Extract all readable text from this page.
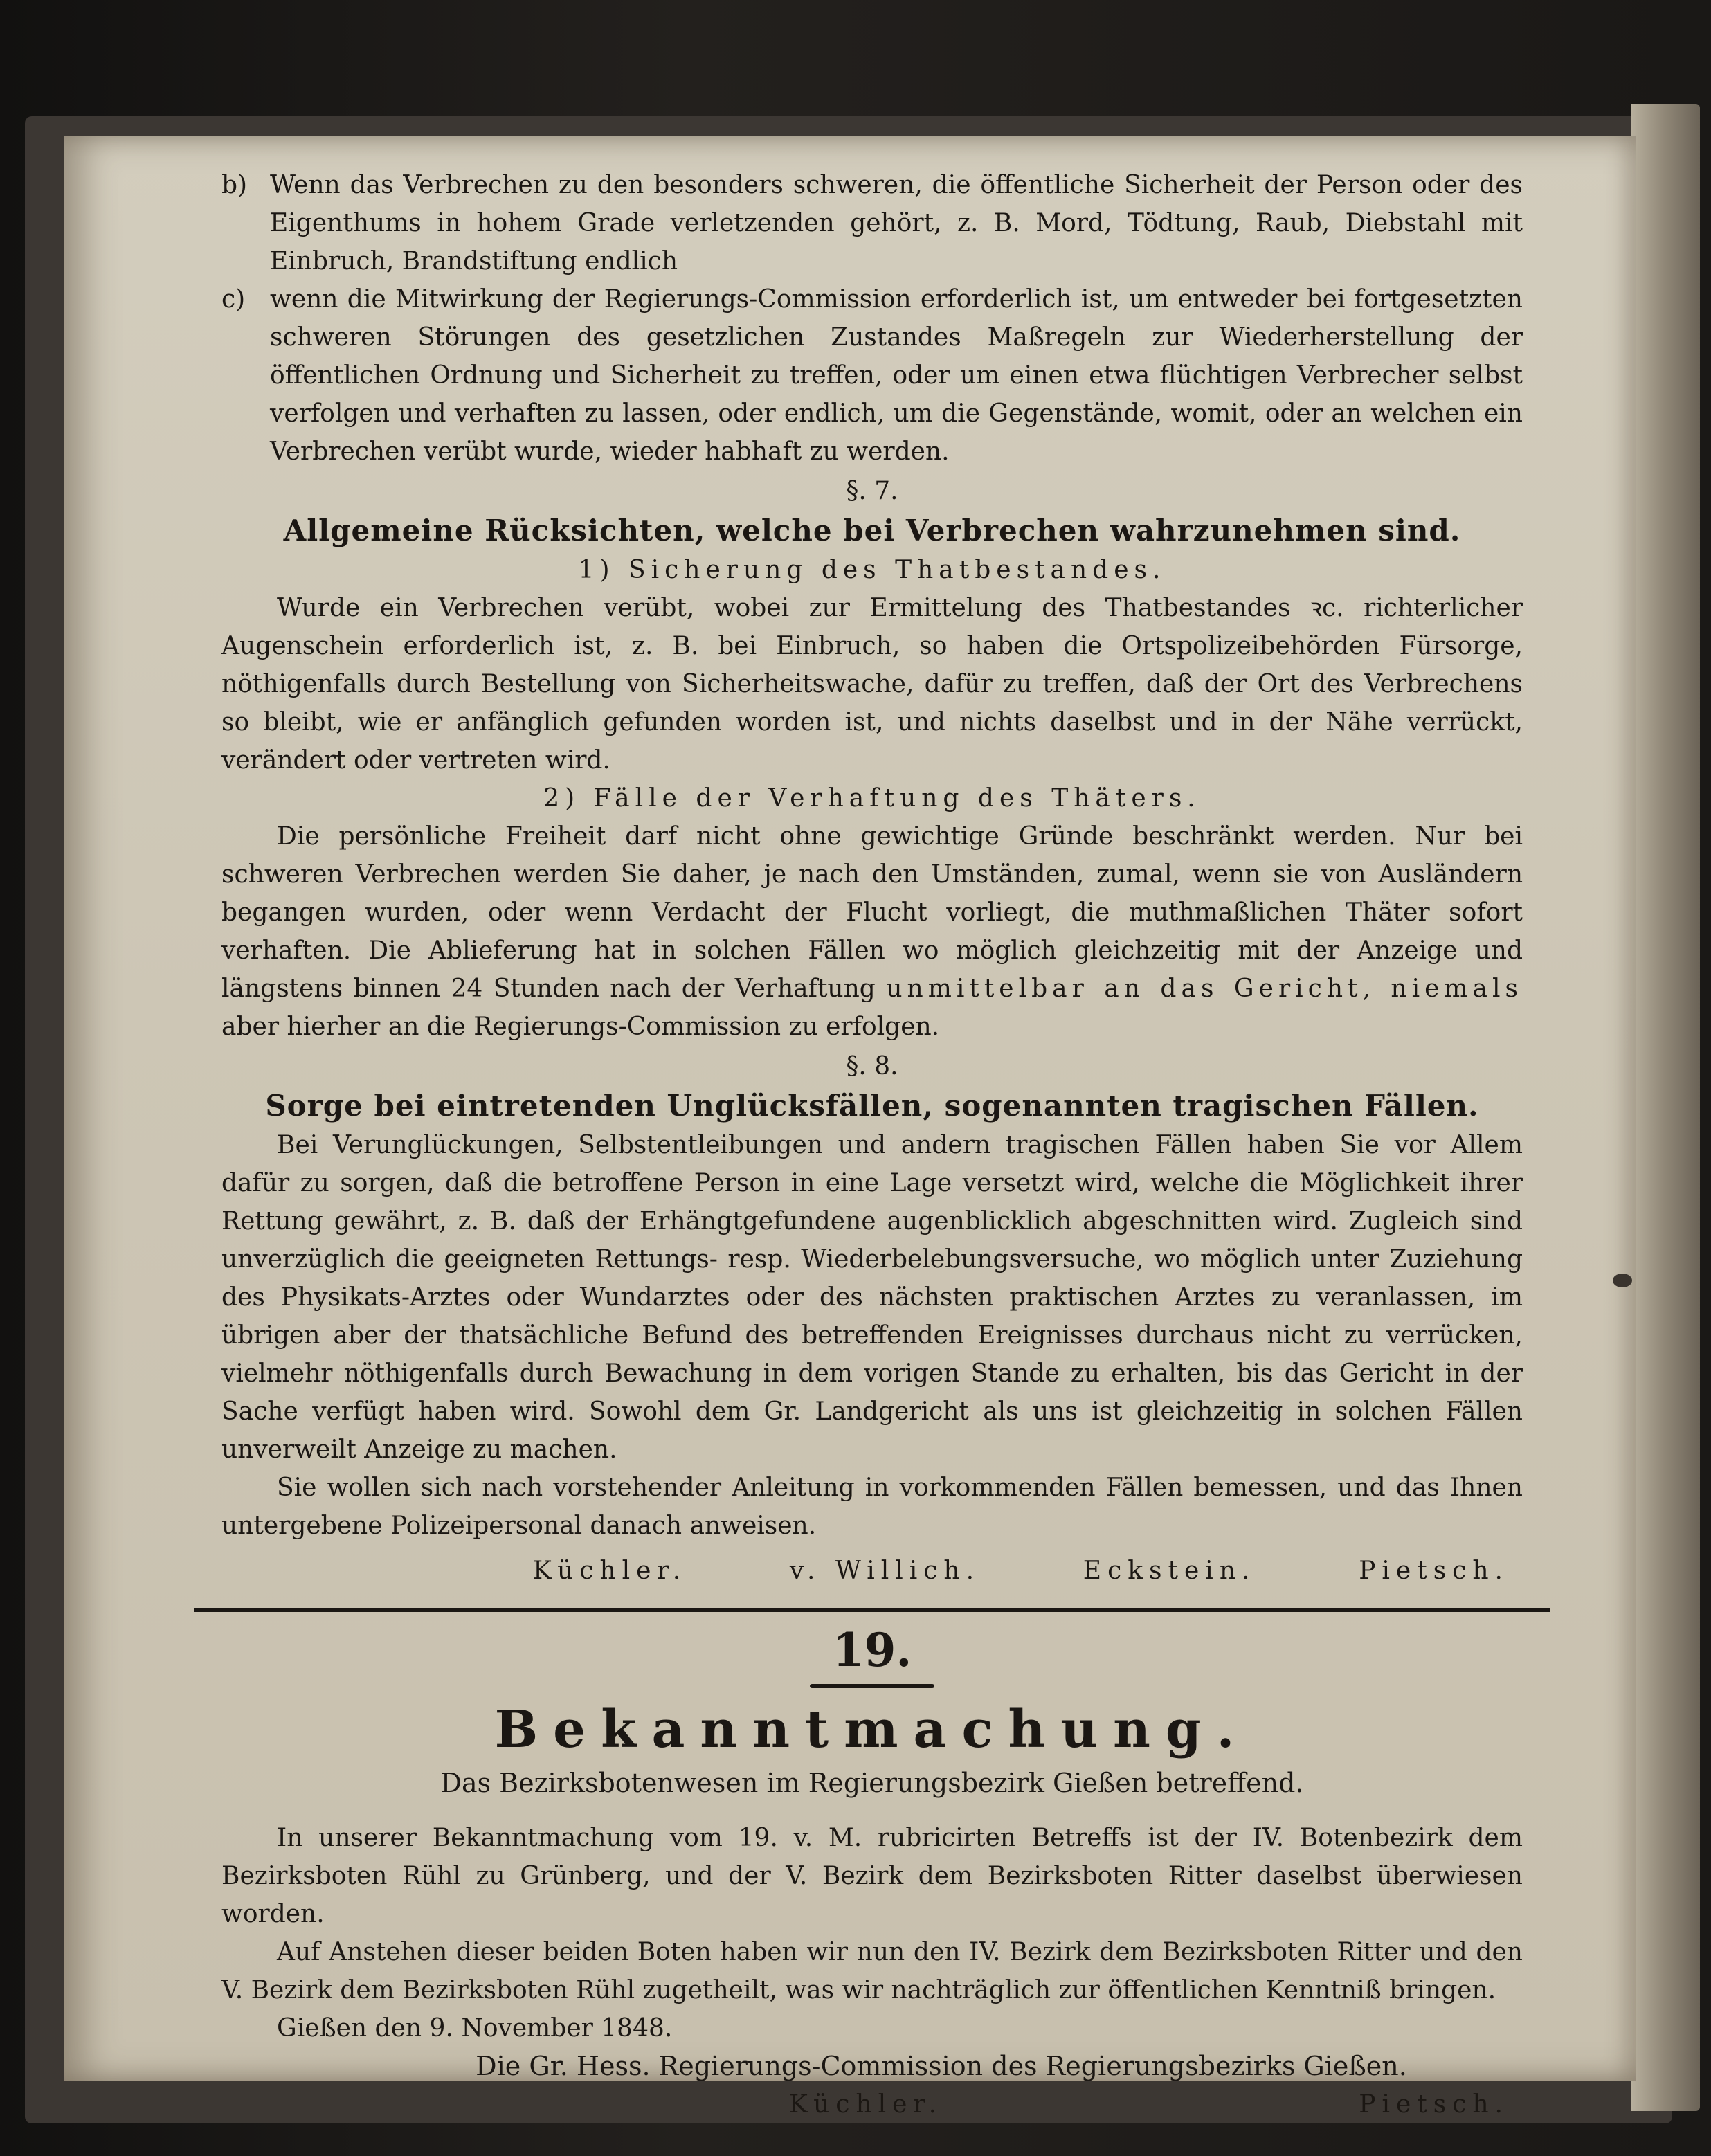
b) Wenn das Verbrechen zu den besonders schweren, die öffentliche Sicherheit der Person oder des Eigenthums in hohem Grade verletzenden gehört, z. B. Mord, Tödtung, Raub, Diebstahl mit Einbruch, Brandstiftung endlich
c) wenn die Mitwirkung der Regierungs-Commission erforderlich ist, um entweder bei fortgesetzten schweren Störungen des gesetzlichen Zustandes Maßregeln zur Wiederherstellung der öffentlichen Ordnung und Sicherheit zu treffen, oder um einen etwa flüchtigen Verbrecher selbst verfolgen und verhaften zu lassen, oder endlich, um die Gegenstände, womit, oder an welchen ein Verbrechen verübt wurde, wieder habhaft zu werden.
§. 7.
Allgemeine Rücksichten, welche bei Verbrechen wahrzunehmen sind.
1) Sicherung des Thatbestandes.

Wurde ein Verbrechen verübt, wobei zur Ermittelung des Thatbestandes ꝛc. richterlicher Augenschein erforderlich ist, z. B. bei Einbruch, so haben die Ortspolizeibehörden Fürsorge, nöthigenfalls durch Bestellung von Sicherheitswache, dafür zu treffen, daß der Ort des Verbrechens so bleibt, wie er anfänglich gefunden worden ist, und nichts daselbst und in der Nähe verrückt, verändert oder vertreten wird.

2) Fälle der Verhaftung des Thäters.

Die persönliche Freiheit darf nicht ohne gewichtige Gründe beschränkt werden. Nur bei schweren Verbrechen werden Sie daher, je nach den Umständen, zumal, wenn sie von Ausländern begangen wurden, oder wenn Verdacht der Flucht vorliegt, die muthmaßlichen Thäter sofort verhaften. Die Ablieferung hat in solchen Fällen wo möglich gleichzeitig mit der Anzeige und längstens binnen 24 Stunden nach der Verhaftung unmittelbar an das Gericht, niemals aber hierher an die Regierungs-Commission zu erfolgen.

§. 8.
Sorge bei eintretenden Unglücksfällen, sogenannten tragischen Fällen.

Bei Verunglückungen, Selbstentleibungen und andern tragischen Fällen haben Sie vor Allem dafür zu sorgen, daß die betroffene Person in eine Lage versetzt wird, welche die Möglichkeit ihrer Rettung gewährt, z. B. daß der Erhängtgefundene augenblicklich abgeschnitten wird. Zugleich sind unverzüglich die geeigneten Rettungs- resp. Wiederbelebungsversuche, wo möglich unter Zuziehung des Physikats-Arztes oder Wundarztes oder des nächsten praktischen Arztes zu veranlassen, im übrigen aber der thatsächliche Befund des betreffenden Ereignisses durchaus nicht zu verrücken, vielmehr nöthigenfalls durch Bewachung in dem vorigen Stande zu erhalten, bis das Gericht in der Sache verfügt haben wird. Sowohl dem Gr. Landgericht als uns ist gleichzeitig in solchen Fällen unverweilt Anzeige zu machen.

Sie wollen sich nach vorstehender Anleitung in vorkommenden Fällen bemessen, und das Ihnen untergebene Polizeipersonal danach anweisen.

Küchler.	v. Willich.	Eckstein.	Pietsch.
19.
Bekanntmachung.
Das Bezirksbotenwesen im Regierungsbezirk Gießen betreffend.

In unserer Bekanntmachung vom 19. v. M. rubricirten Betreffs ist der IV. Botenbezirk dem Bezirksboten Rühl zu Grünberg, und der V. Bezirk dem Bezirksboten Ritter daselbst überwiesen worden.

Auf Anstehen dieser beiden Boten haben wir nun den IV. Bezirk dem Bezirksboten Ritter und den V. Bezirk dem Bezirksboten Rühl zugetheilt, was wir nachträglich zur öffentlichen Kenntniß bringen.

Gießen den 9. November 1848.

Die Gr. Hess. Regierungs-Commission des Regierungsbezirks Gießen.
Küchler.	Pietsch.
